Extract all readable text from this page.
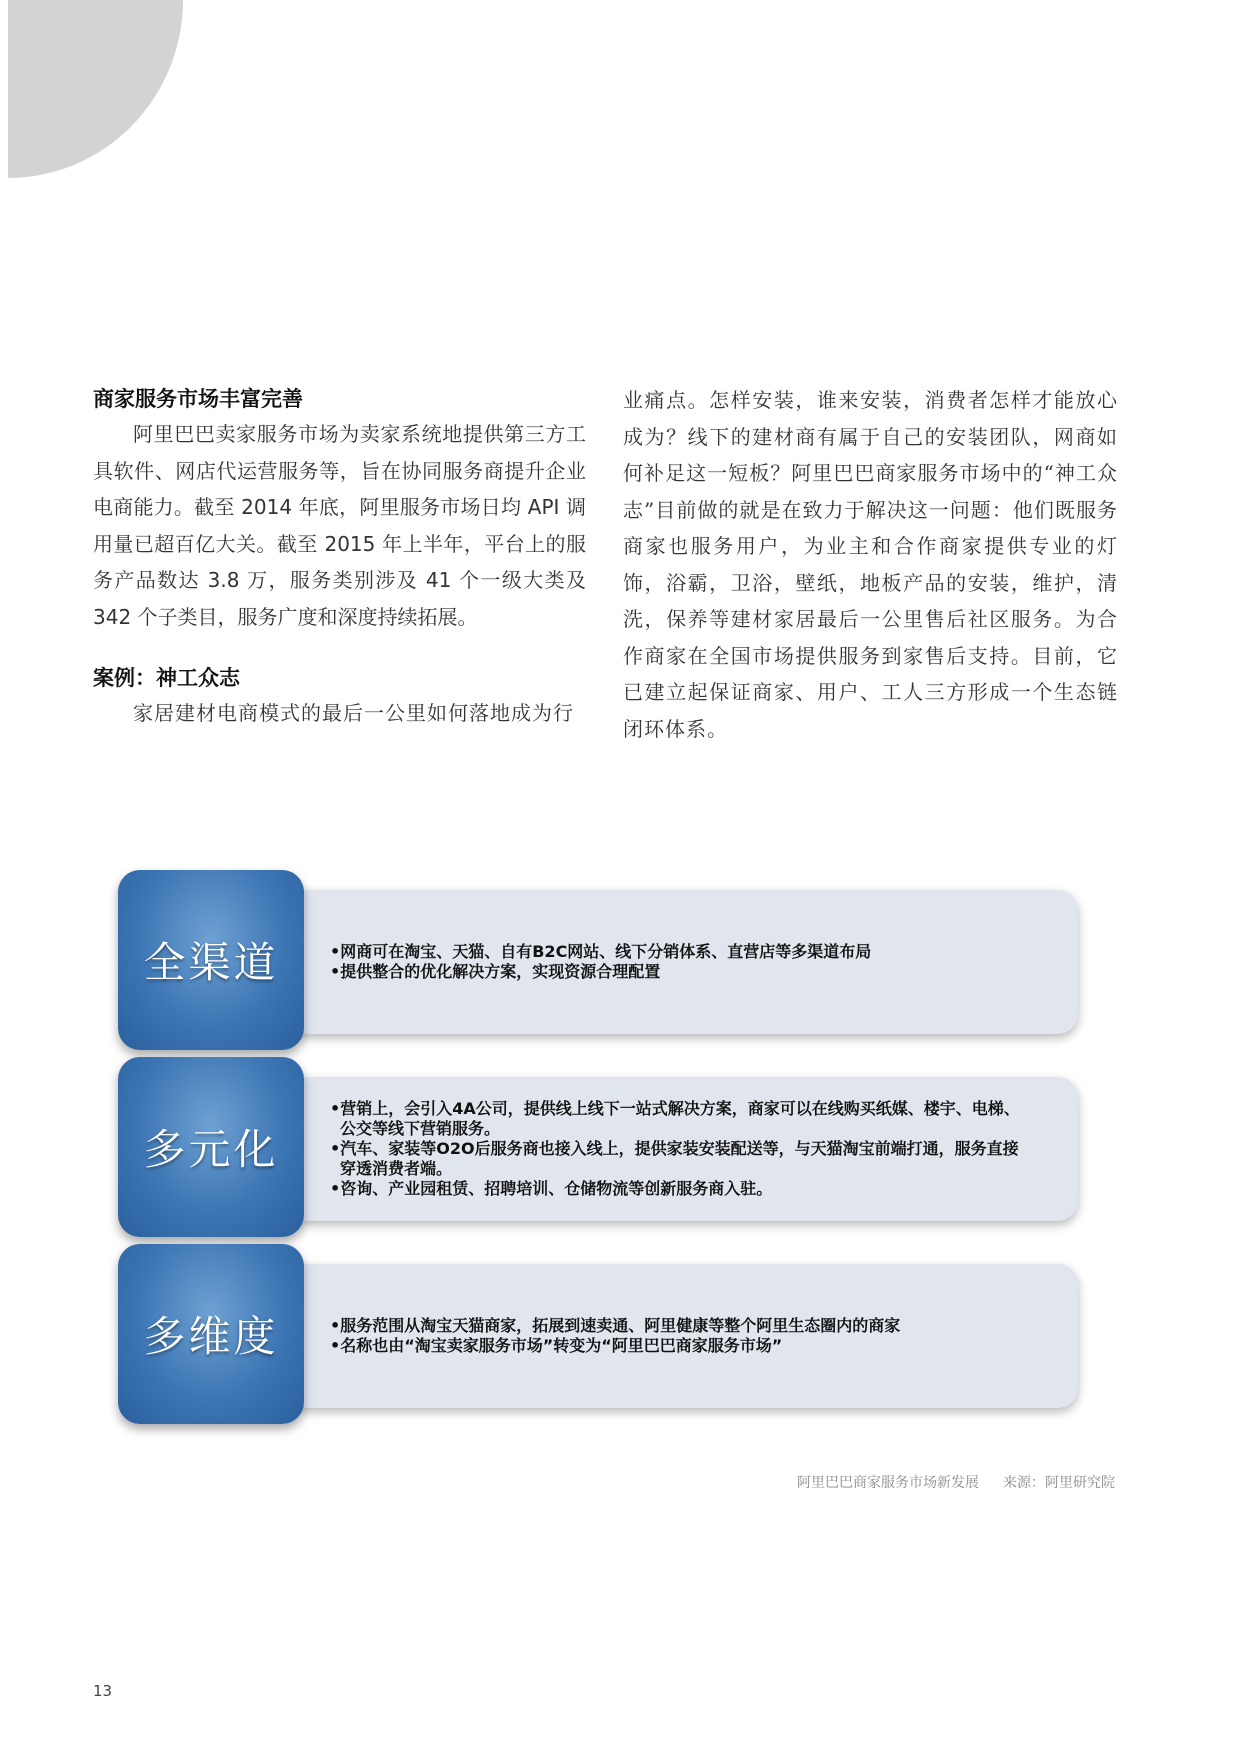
商家服务市场丰富完善

阿里巴巴卖家服务市场为卖家系统地提供第三方工具软件、网店代运营服务等，旨在协同服务商提升企业电商能力。截至 2014 年底，阿里服务市场日均 API 调用量已超百亿大关。截至 2015 年上半年，平台上的服务产品数达 3.8 万，服务类别涉及 41 个一级大类及 342 个子类目，服务广度和深度持续拓展。

案例：神工众志

家居建材电商模式的最后一公里如何落地成为行

业痛点。怎样安装，谁来安装，消费者怎样才能放心成为？线下的建材商有属于自己的安装团队，网商如何补足这一短板？阿里巴巴商家服务市场中的“神工众志”目前做的就是在致力于解决这一问题：他们既服务商家也服务用户，为业主和合作商家提供专业的灯饰，浴霸，卫浴，壁纸，地板产品的安装，维护，清洗，保养等建材家居最后一公里售后社区服务。为合作商家在全国市场提供服务到家售后支持。目前，它已建立起保证商家、用户、工人三方形成一个生态链闭环体系。

• 网商可在淘宝、天猫、自有B2C网站、线下分销体系、直营店等多渠道布局
• 提供整合的优化解决方案，实现资源合理配置
全渠道
• 营销上，会引入4A公司，提供线上线下一站式解决方案，商家可以在线购买纸媒、楼宇、电梯、公交等线下营销服务。
• 汽车、家装等O2O后服务商也接入线上，提供家装安装配送等，与天猫淘宝前端打通，服务直接穿透消费者端。
• 咨询、产业园租赁、招聘培训、仓储物流等创新服务商入驻。
多元化
• 服务范围从淘宝天猫商家，拓展到速卖通、阿里健康等整个阿里生态圈内的商家
• 名称也由“淘宝卖家服务市场”转变为“阿里巴巴商家服务市场”
多维度
阿里巴巴商家服务市场新发展 来源：阿里研究院
13
